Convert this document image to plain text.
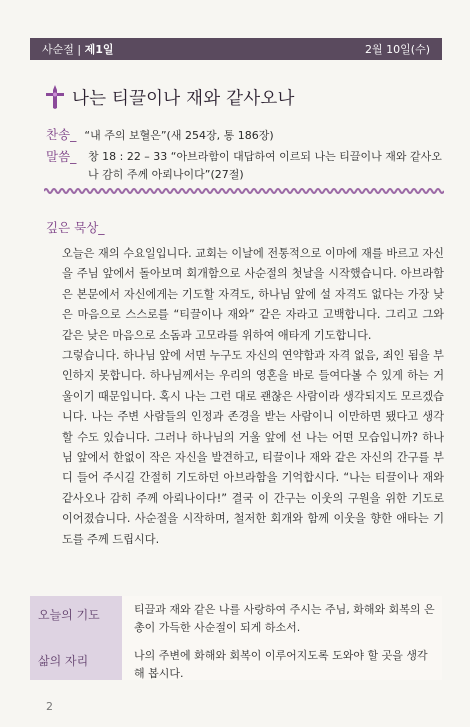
사순절 | 제1일	2월 10일(수)
나는 티끌이나 재와 같사오나
찬송_ “내 주의 보혈은”(새 254장, 통 186장)
말씀_	창 18 : 22 – 33 “아브라함이 대답하여 이르되 나는 티끌이나 재와 같사오나 감히 주께 아뢰나이다”(27절)
깊은 묵상_

오늘은 재의 수요일입니다. 교회는 이날에 전통적으로 이마에 재를 바르고 자신을 주님 앞에서 돌아보며 회개함으로 사순절의 첫날을 시작했습니다. 아브라함은 본문에서 자신에게는 기도할 자격도, 하나님 앞에 설 자격도 없다는 가장 낮은 마음으로 스스로를 “티끌이나 재와” 같은 자라고 고백합니다. 그리고 그와 같은 낮은 마음으로 소돔과 고모라를 위하여 애타게 기도합니다.

그렇습니다. 하나님 앞에 서면 누구도 자신의 연약함과 자격 없음, 죄인 됨을 부인하지 못합니다. 하나님께서는 우리의 영혼을 바로 들여다볼 수 있게 하는 거울이기 때문입니다. 혹시 나는 그런 대로 괜찮은 사람이라 생각되지도 모르겠습니다. 나는 주변 사람들의 인정과 존경을 받는 사람이니 이만하면 됐다고 생각할 수도 있습니다. 그러나 하나님의 거울 앞에 선 나는 어떤 모습입니까? 하나님 앞에서 한없이 작은 자신을 발견하고, 티끌이나 재와 같은 자신의 간구를 부디 들어 주시길 간절히 기도하던 아브라함을 기억합시다. “나는 티끌이나 재와 같사오나 감히 주께 아뢰나이다!” 결국 이 간구는 이웃의 구원을 위한 기도로 이어졌습니다. 사순절을 시작하며, 철저한 회개와 함께 이웃을 향한 애타는 기도를 주께 드립시다.

오늘의 기도	티끌과 재와 같은 나를 사랑하여 주시는 주님, 화해와 회복의 은총이 가득한 사순절이 되게 하소서.
삶의 자리	나의 주변에 화해와 회복이 이루어지도록 도와야 할 곳을 생각해 봅시다.
2
